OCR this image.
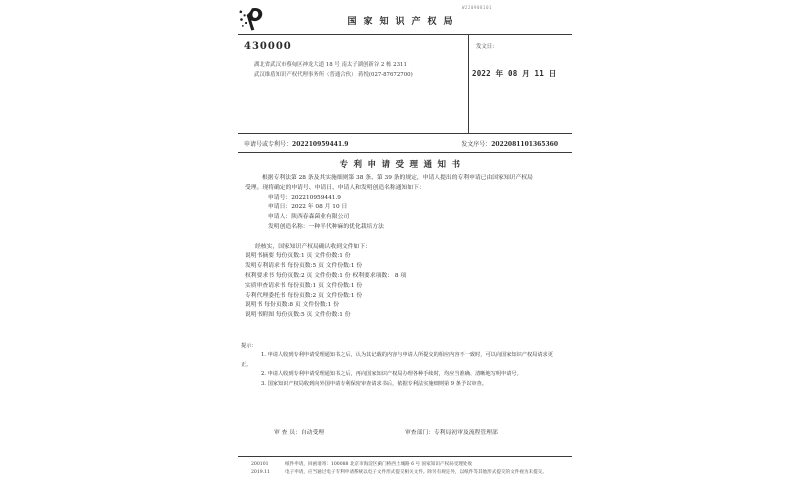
国家知识产权局
W220908101
430000
湖北省武汉市蔡甸区神龙大道 18 号 南太子湖创新谷 2 栋 2311
武汉维盾知识产权代理事务所（普通合伙） 蒋悦(027-87672700)
发文日：
2022 年 08 月 11 日
申请号或专利号：202210959441.9	发文序号：2022081101365360
专利申请受理通知书
根据专利法第 28 条及其实施细则第 38 条、第 39 条的规定，申请人提出的专利申请已由国家知识产权局
受理。现将确定的申请号、申请日、申请人和发明创造名称通知如下：
申请号：202210959441.9
申请日：2022 年 08 月 10 日
申请人：陕西春森菌业有限公司
发明创造名称：一种半代种麻的优化栽培方法
经核实，国家知识产权局确认收到文件如下：
说明书摘要 每份页数:1 页 文件份数:1 份
发明专利请求书 每份页数:5 页 文件份数:1 份
权利要求书 每份页数:2 页 文件份数:1 份 权利要求项数： 8 项
实质审查请求书 每份页数:1 页 文件份数:1 份
专利代理委托书 每份页数:2 页 文件份数:1 份
说明书 每份页数:8 页 文件份数:1 份
说明书附图 每份页数:5 页 文件份数:1 份
提示：
1. 申请人收到专利申请受理通知书之后，认为其记载的内容与申请人所提交的相应内容不一致时，可以向国家知识产权局请求更正。
2. 申请人收到专利申请受理通知书之后，再向国家知识产权局办理各种手续时，均应当准确、清晰地写明申请号。
3. 国家知识产权局收到向外国申请专利保密审查请求书后，依据专利法实施细则第 9 条予以审查。
审 查 员：自动受理	审查部门：专利局初审及流程管理部
200101	纸件申请，回函请寄：100088 北京市海淀区蓟门桥西土城路 6 号 国家知识产权局受理处收
2019.11	电子申请，应当通过电子专利申请系统以电子文件形式提交相关文件。除另有规定外，以纸件等其他形式提交的文件视为未提交。
